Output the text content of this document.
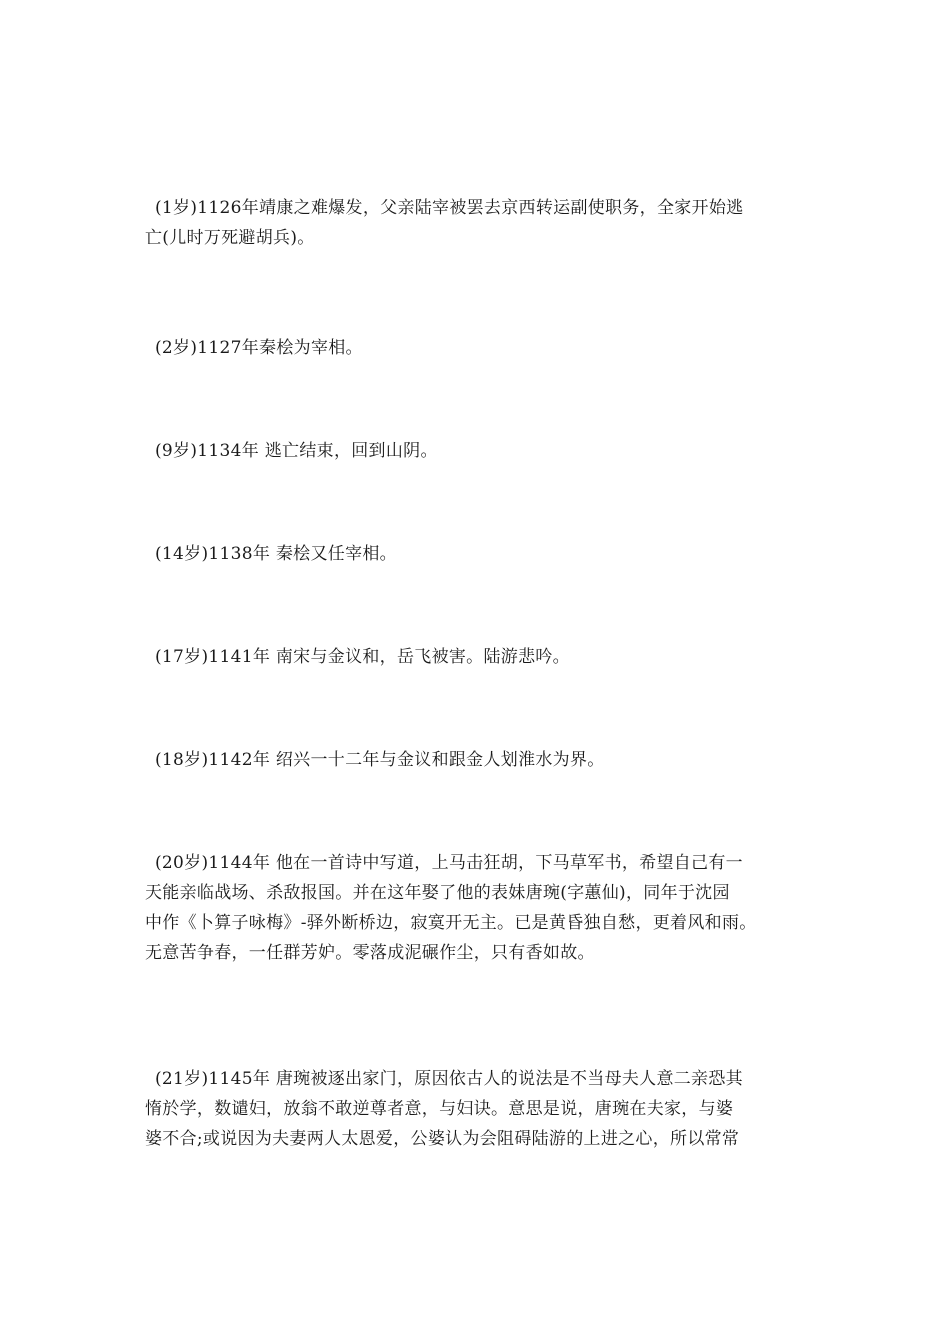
(1岁)1126年靖康之难爆发，父亲陆宰被罢去京西转运副使职务，全家开始逃
亡(儿时万死避胡兵)。
(2岁)1127年秦桧为宰相。
(9岁)1134年 逃亡结束，回到山阴。
(14岁)1138年 秦桧又任宰相。
(17岁)1141年 南宋与金议和，岳飞被害。陆游悲吟。
(18岁)1142年 绍兴一十二年与金议和跟金人划淮水为界。
(20岁)1144年 他在一首诗中写道，上马击狂胡，下马草军书，希望自己有一
天能亲临战场、杀敌报国。并在这年娶了他的表妹唐琬(字蕙仙)，同年于沈园
中作《卜算子咏梅》-驿外断桥边，寂寞开无主。已是黄昏独自愁，更着风和雨。
无意苦争春，一任群芳妒。零落成泥碾作尘，只有香如故。
(21岁)1145年 唐琬被逐出家门，原因依古人的说法是不当母夫人意二亲恐其
惰於学，数谴妇，放翁不敢逆尊者意，与妇诀。意思是说，唐琬在夫家，与婆
婆不合;或说因为夫妻两人太恩爱，公婆认为会阻碍陆游的上进之心，所以常常
